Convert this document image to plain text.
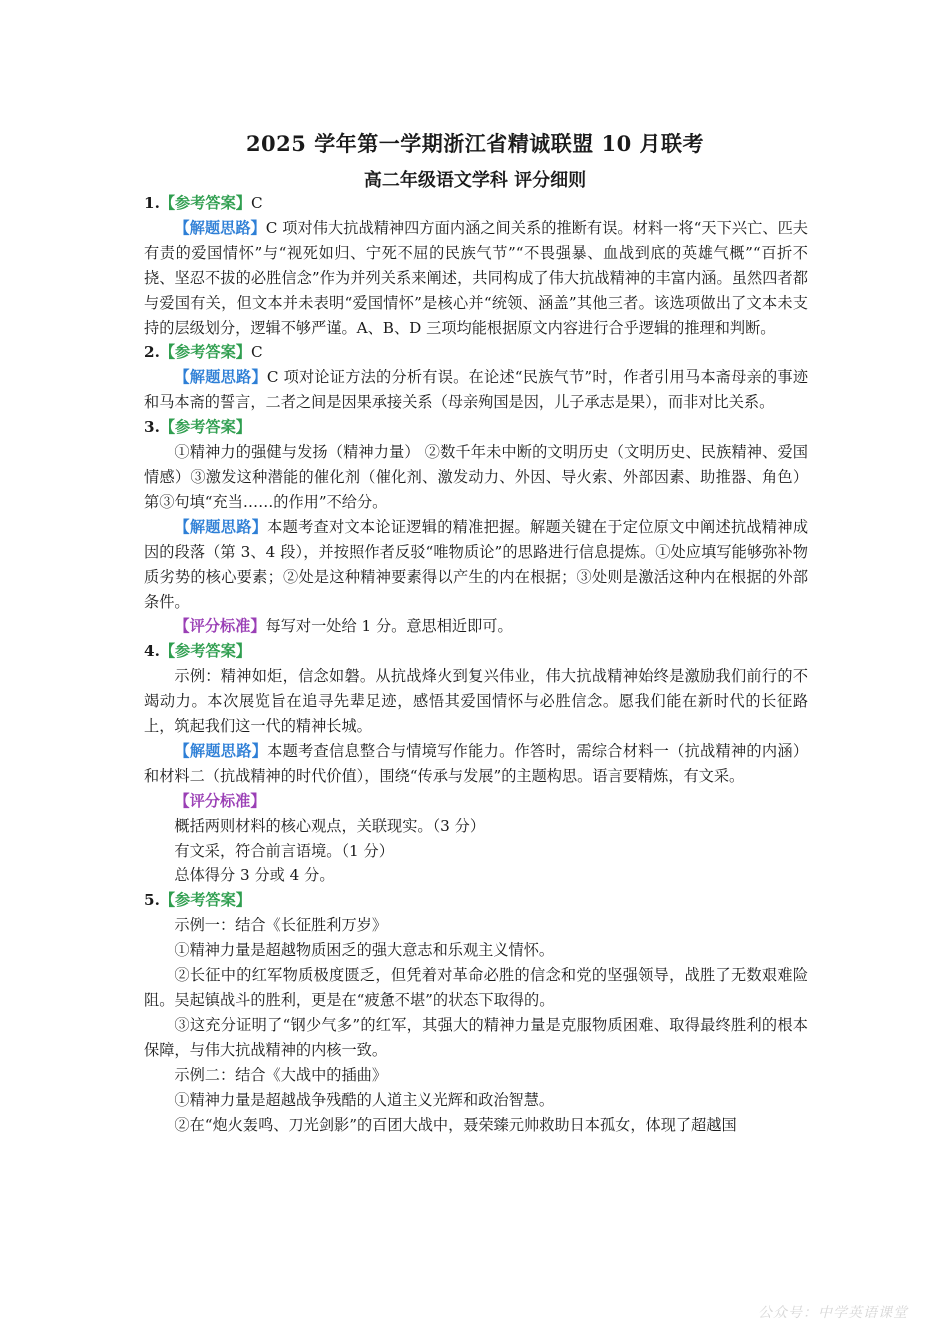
2025 学年第一学期浙江省精诚联盟 10 月联考
高二年级语文学科 评分细则

1.【参考答案】C

【解题思路】C 项对伟大抗战精神四方面内涵之间关系的推断有误。材料一将“天下兴亡、匹夫有责的爱国情怀”与“视死如归、宁死不屈的民族气节”“不畏强暴、血战到底的英雄气概”“百折不挠、坚忍不拔的必胜信念”作为并列关系来阐述，共同构成了伟大抗战精神的丰富内涵。虽然四者都与爱国有关，但文本并未表明“爱国情怀”是核心并“统领、涵盖”其他三者。该选项做出了文本未支持的层级划分，逻辑不够严谨。A、B、D 三项均能根据原文内容进行合乎逻辑的推理和判断。

2.【参考答案】C

【解题思路】C 项对论证方法的分析有误。在论述“民族气节”时，作者引用马本斋母亲的事迹和马本斋的誓言，二者之间是因果承接关系（母亲殉国是因，儿子承志是果），而非对比关系。

3.【参考答案】

①精神力的强健与发扬（精神力量） ②数千年未中断的文明历史（文明历史、民族精神、爱国情感）③激发这种潜能的催化剂（催化剂、激发动力、外因、导火索、外部因素、助推器、角色）第③句填“充当……的作用”不给分。

【解题思路】本题考查对文本论证逻辑的精准把握。解题关键在于定位原文中阐述抗战精神成因的段落（第 3、4 段），并按照作者反驳“唯物质论”的思路进行信息提炼。①处应填写能够弥补物质劣势的核心要素；②处是这种精神要素得以产生的内在根据；③处则是激活这种内在根据的外部条件。

【评分标准】每写对一处给 1 分。意思相近即可。

4.【参考答案】

示例：精神如炬，信念如磐。从抗战烽火到复兴伟业，伟大抗战精神始终是激励我们前行的不竭动力。本次展览旨在追寻先辈足迹，感悟其爱国情怀与必胜信念。愿我们能在新时代的长征路上，筑起我们这一代的精神长城。

【解题思路】本题考查信息整合与情境写作能力。作答时，需综合材料一（抗战精神的内涵）和材料二（抗战精神的时代价值），围绕“传承与发展”的主题构思。语言要精炼，有文采。

【评分标准】

概括两则材料的核心观点，关联现实。（3 分）

有文采，符合前言语境。（1 分）

总体得分 3 分或 4 分。

5.【参考答案】

示例一：结合《长征胜利万岁》

①精神力量是超越物质困乏的强大意志和乐观主义情怀。

②长征中的红军物质极度匮乏，但凭着对革命必胜的信念和党的坚强领导，战胜了无数艰难险阻。吴起镇战斗的胜利，更是在“疲惫不堪”的状态下取得的。

③这充分证明了“钢少气多”的红军，其强大的精神力量是克服物质困难、取得最终胜利的根本保障，与伟大抗战精神的内核一致。

示例二：结合《大战中的插曲》

①精神力量是超越战争残酷的人道主义光辉和政治智慧。

②在“炮火轰鸣、刀光剑影”的百团大战中，聂荣臻元帅救助日本孤女，体现了超越国

公众号：中学英语课堂
